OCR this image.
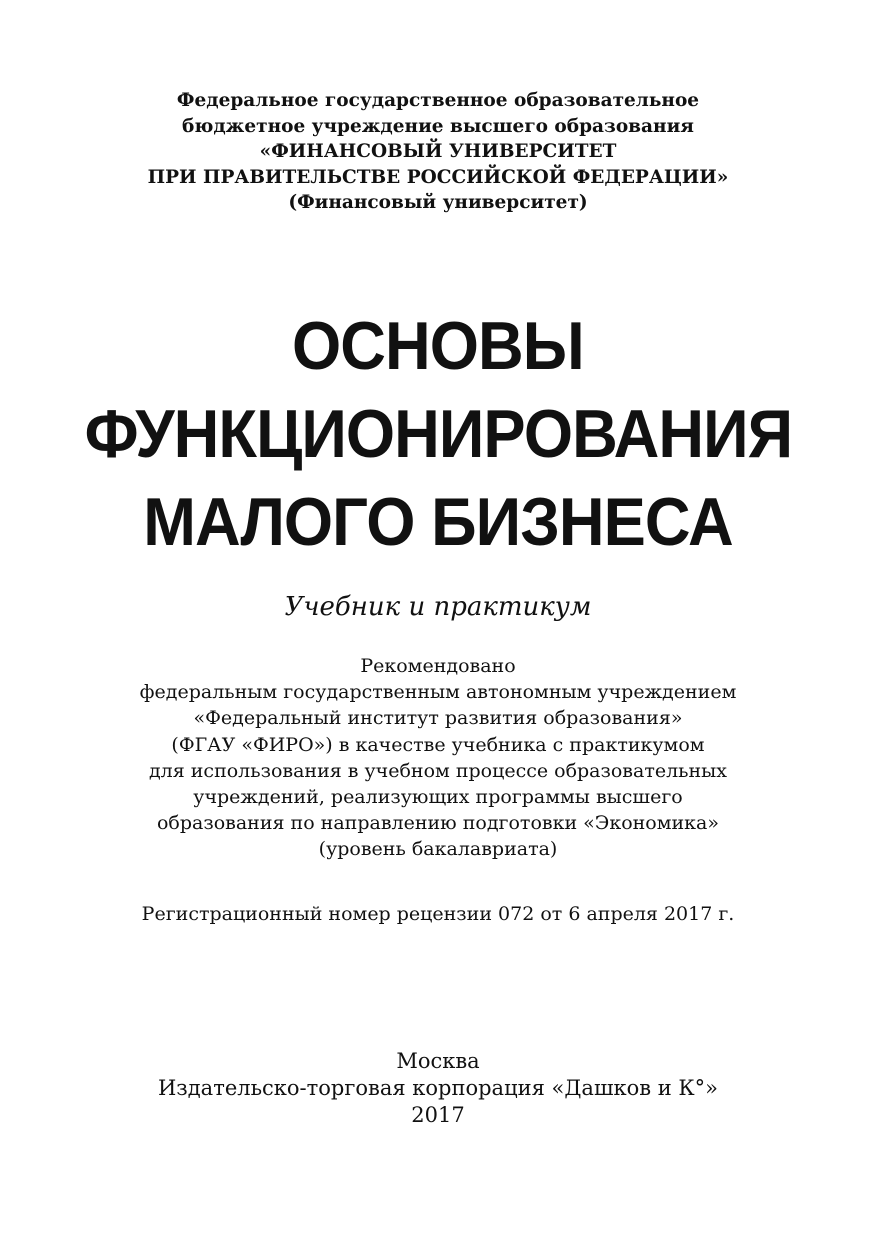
Федеральное государственное образовательное
бюджетное учреждение высшего образования
«ФИНАНСОВЫЙ УНИВЕРСИТЕТ
ПРИ ПРАВИТЕЛЬСТВЕ РОССИЙСКОЙ ФЕДЕРАЦИИ»
(Финансовый университет)
ОСНОВЫ
ФУНКЦИОНИРОВАНИЯ
МАЛОГО БИЗНЕСА
Учебник и практикум
Рекомендовано
федеральным государственным автономным учреждением
«Федеральный институт развития образования»
(ФГАУ «ФИРО») в качестве учебника с практикумом
для использования в учебном процессе образовательных
учреждений, реализующих программы высшего
образования по направлению подготовки «Экономика»
(уровень бакалавриата)
Регистрационный номер рецензии 072 от 6 апреля 2017 г.
Москва
Издательско-торговая корпорация «Дашков и К°»
2017
